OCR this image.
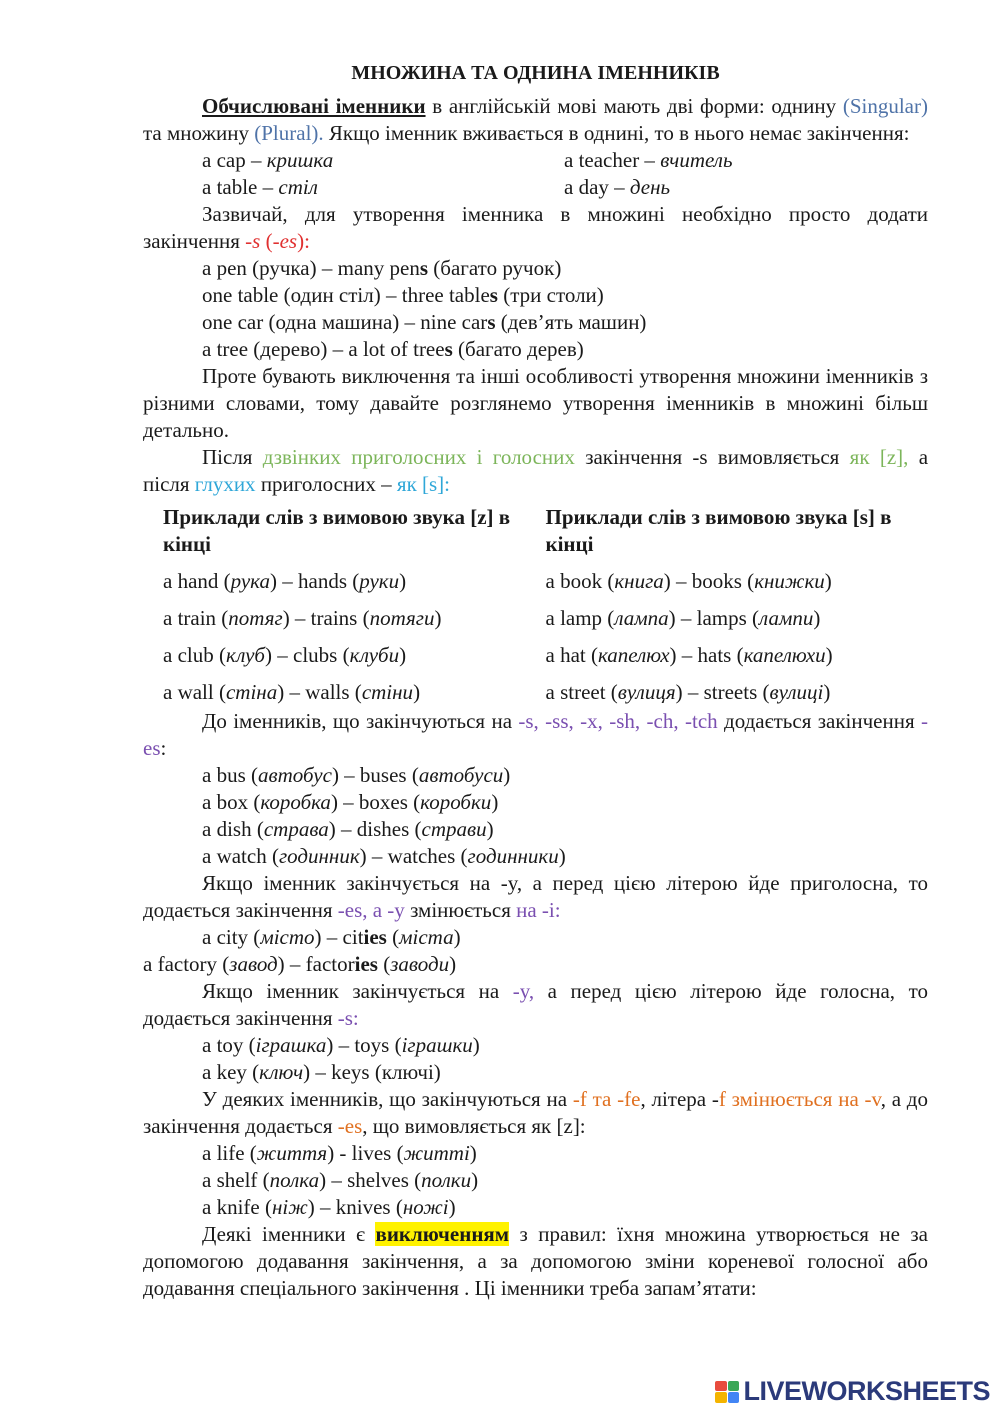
МНОЖИНА ТА ОДНИНА ІМЕННИКІВ

Обчислювані іменники в англійській мові мають дві форми: однину (Singular) та множину (Plural). Якщо іменник вживається в однині, то в нього немає закінчення:

a cap – кришка	a teacher – вчитель
a table – стіл	a day – день

Зазвичай, для утворення іменника в множині необхідно просто додати закінчення -s (-es):

a pen (ручка) – many pens (багато ручок)
one table (один стіл) – three tables (три столи)
one car (одна машина) – nine cars (дев’ять машин)
a tree (дерево) – a lot of trees (багато дерев)

Проте бувають виключення та інші особливості утворення множини іменників з різними словами, тому давайте розглянемо утворення іменників в множині більш детально.

Після дзвінких приголосних і голосних закінчення -s вимовляється як [z], а після глухих приголосних – як [s]:

Приклади слів з вимовою звука [z] в кінці
a hand (рука) – hands (руки)
a train (потяг) – trains (потяги)
a club (клуб) – clubs (клуби)
a wall (стіна) – walls (стіни)
Приклади слів з вимовою звука [s] в кінці
a book (книга) – books (книжки)
a lamp (лампа) – lamps (лампи)
a hat (капелюх) – hats (капелюхи)
a street (вулиця) – streets (вулиці)

До іменників, що закінчуються на -s, -ss, -x, -sh, -ch, -tch додається закінчення -es:

a bus (автобус) – buses (автобуси)
a box (коробка) – boxes (коробки)
a dish (страва) – dishes (страви)
a watch (годинник) – watches (годинники)

Якщо іменник закінчується на -y, а перед цією літерою йде приголосна, то додається закінчення -es, а -y змінюється на -i:

a city (місто) – cities (міста)
a factory (завод) – factories (заводи)

Якщо іменник закінчується на -y, а перед цією літерою йде голосна, то додається закінчення -s:

a toy (іграшка) – toys (іграшки)
a key (ключ) – keys (ключі)

У деяких іменників, що закінчуються на -f та -fe, літера -f змінюється на -v, а до закінчення додається -es, що вимовляється як [z]:

a life (життя) - lives (житті)
a shelf (полка) – shelves (полки)
a knife (ніж) – knives (ножі)

Деякі іменники є виключенням з правил: їхня множина утворюється не за допомогою додавання закінчення, а за допомогою зміни кореневої голосної або додавання спеціального закінчення . Ці іменники треба запам’ятати:

LIVEWORKSHEETS
